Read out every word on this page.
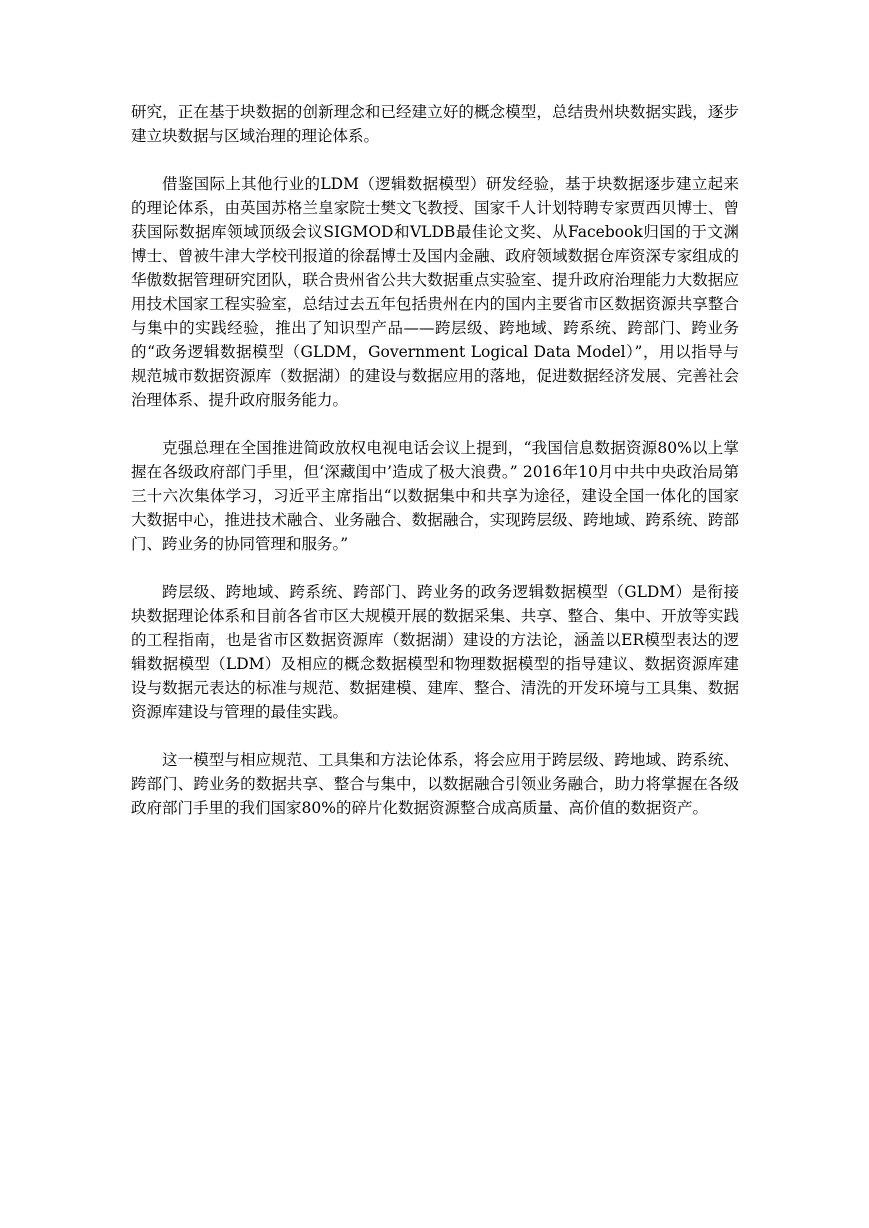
研究，正在基于块数据的创新理念和已经建立好的概念模型，总结贵州块数据实践，逐步建立块数据与区域治理的理论体系。

借鉴国际上其他行业的LDM（逻辑数据模型）研发经验，基于块数据逐步建立起来的理论体系，由英国苏格兰皇家院士樊文飞教授、国家千人计划特聘专家贾西贝博士、曾获国际数据库领域顶级会议SIGMOD和VLDB最佳论文奖、从Facebook归国的于文渊博士、曾被牛津大学校刊报道的徐磊博士及国内金融、政府领域数据仓库资深专家组成的华傲数据管理研究团队，联合贵州省公共大数据重点实验室、提升政府治理能力大数据应用技术国家工程实验室，总结过去五年包括贵州在内的国内主要省市区数据资源共享整合与集中的实践经验，推出了知识型产品——跨层级、跨地域、跨系统、跨部门、跨业务的“政务逻辑数据模型（GLDM，Government Logical Data Model）”，用以指导与规范城市数据资源库（数据湖）的建设与数据应用的落地，促进数据经济发展、完善社会治理体系、提升政府服务能力。

克强总理在全国推进简政放权电视电话会议上提到，“我国信息数据资源80%以上掌握在各级政府部门手里，但‘深藏闺中’造成了极大浪费。” 2016年10月中共中央政治局第三十六次集体学习，习近平主席指出“以数据集中和共享为途径，建设全国一体化的国家大数据中心，推进技术融合、业务融合、数据融合，实现跨层级、跨地域、跨系统、跨部门、跨业务的协同管理和服务。”

跨层级、跨地域、跨系统、跨部门、跨业务的政务逻辑数据模型（GLDM）是衔接块数据理论体系和目前各省市区大规模开展的数据采集、共享、整合、集中、开放等实践的工程指南，也是省市区数据资源库（数据湖）建设的方法论，涵盖以ER模型表达的逻辑数据模型（LDM）及相应的概念数据模型和物理数据模型的指导建议、数据资源库建设与数据元表达的标准与规范、数据建模、建库、整合、清洗的开发环境与工具集、数据资源库建设与管理的最佳实践。

这一模型与相应规范、工具集和方法论体系，将会应用于跨层级、跨地域、跨系统、跨部门、跨业务的数据共享、整合与集中，以数据融合引领业务融合，助力将掌握在各级政府部门手里的我们国家80%的碎片化数据资源整合成高质量、高价值的数据资产。
